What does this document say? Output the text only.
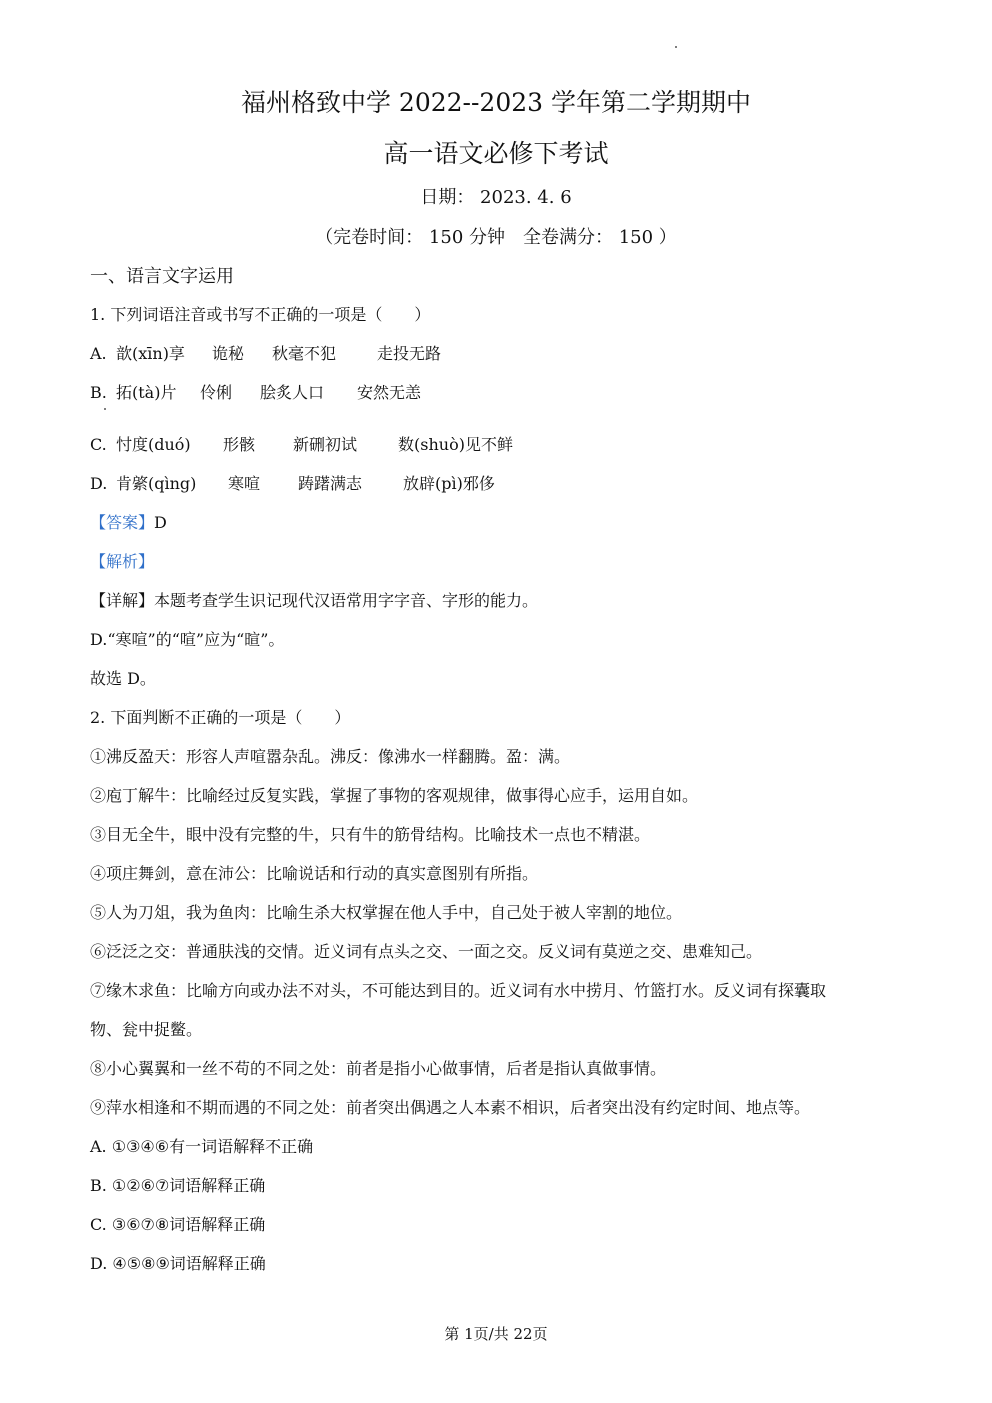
福州格致中学 2022--2023 学年第二学期期中
高一语文必修下考试
日期： 2023. 4. 6
（完卷时间： 150 分钟　全卷满分： 150 ）
一、语言文字运用
1. 下列词语注音或书写不正确的一项是（　　）
A. 歆(xīn)享 诡秘 秋毫不犯	走投无路
B. 拓(tà)片 伶俐 脍炙人口 安然无恙
C. 忖度(duó) 形骸 新硎初试	数(shuò)见不鲜
D. 肯綮(qìng) 寒喧 踌躇满志	放辟(pì)邪侈
【答案】D
【解析】
【详解】本题考查学生识记现代汉语常用字字音、字形的能力。
D.“寒喧”的“喧”应为“暄”。
故选 D。
2. 下面判断不正确的一项是（　　）
①沸反盈天：形容人声喧嚣杂乱。沸反：像沸水一样翻腾。盈：满。
②庖丁解牛：比喻经过反复实践，掌握了事物的客观规律，做事得心应手，运用自如。
③目无全牛，眼中没有完整的牛，只有牛的筋骨结构。比喻技术一点也不精湛。
④项庄舞剑，意在沛公：比喻说话和行动的真实意图别有所指。
⑤人为刀俎，我为鱼肉：比喻生杀大权掌握在他人手中，自己处于被人宰割的地位。
⑥泛泛之交：普通肤浅的交情。近义词有点头之交、一面之交。反义词有莫逆之交、患难知己。
⑦缘木求鱼：比喻方向或办法不对头，不可能达到目的。近义词有水中捞月、竹篮打水。反义词有探囊取
物、瓮中捉鳖。
⑧小心翼翼和一丝不苟的不同之处：前者是指小心做事情，后者是指认真做事情。
⑨萍水相逢和不期而遇的不同之处：前者突出偶遇之人本素不相识，后者突出没有约定时间、地点等。
A. ①③④⑥有一词语解释不正确
B. ①②⑥⑦词语解释正确
C. ③⑥⑦⑧词语解释正确
D. ④⑤⑧⑨词语解释正确
第 1页/共 22页
